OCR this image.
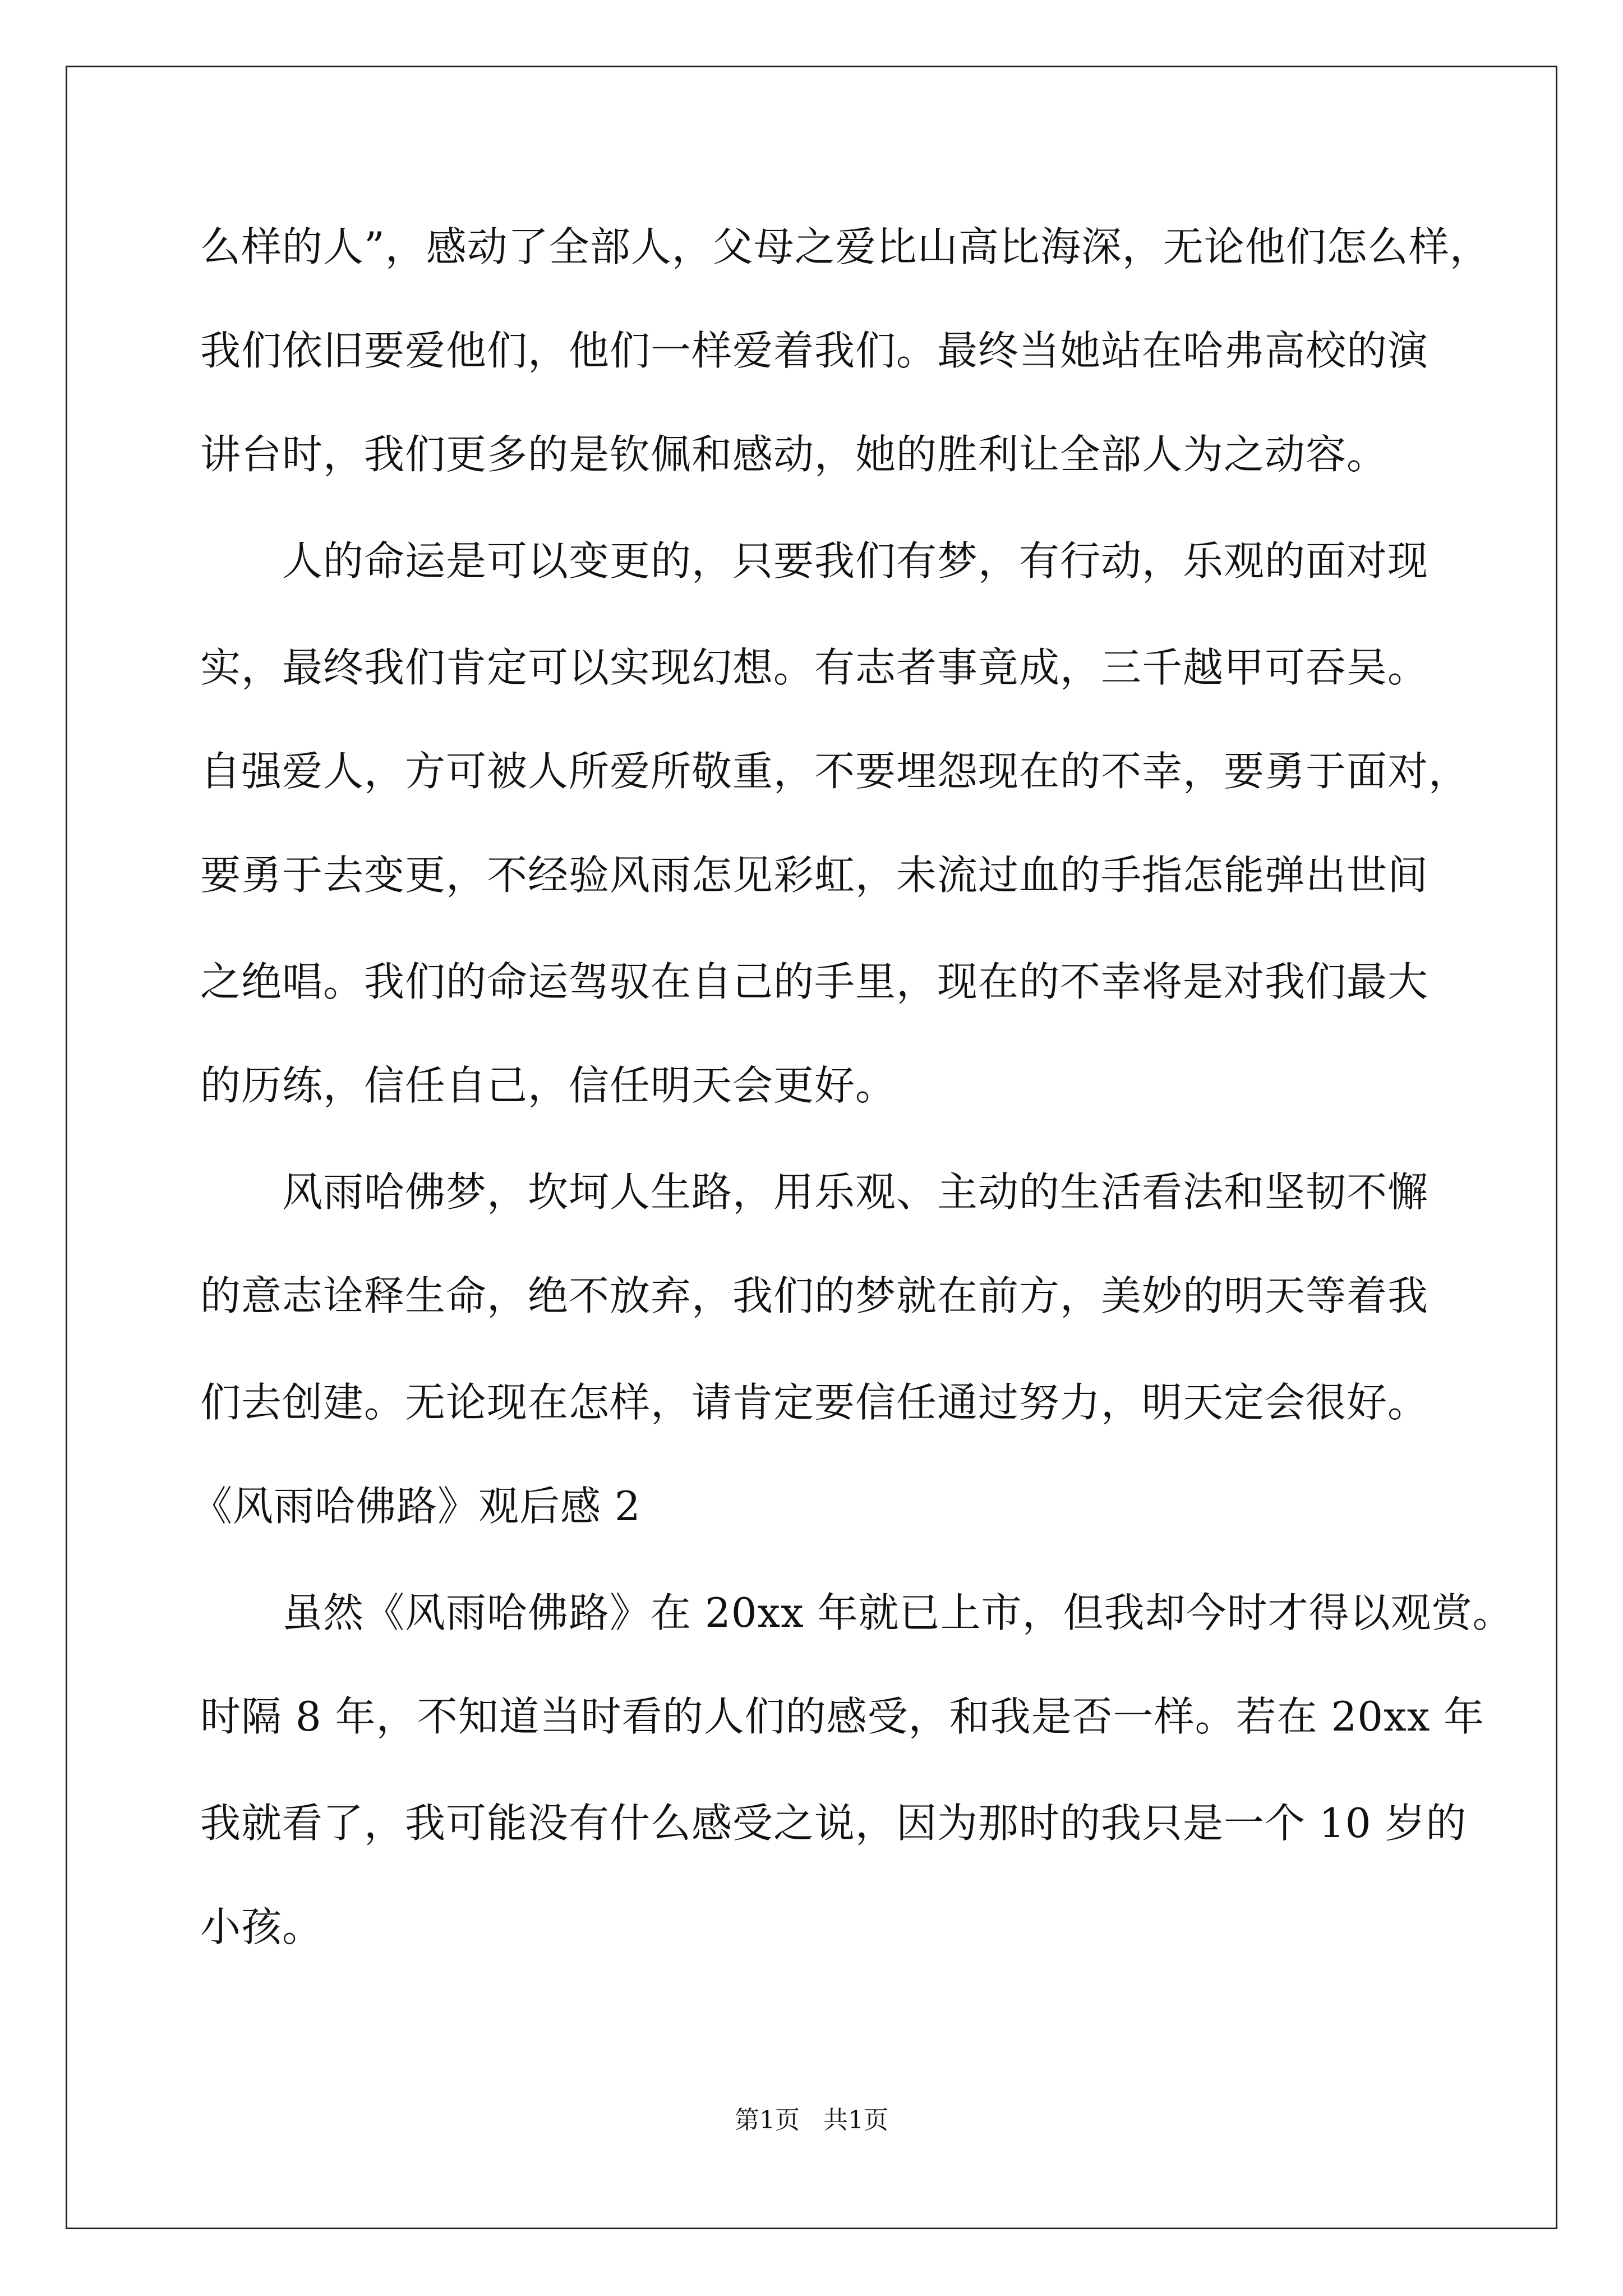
么样的人”，感动了全部人，父母之爱比山高比海深，无论他们怎么样，
我们依旧要爱他们，他们一样爱着我们。最终当她站在哈弗高校的演
讲台时，我们更多的是钦佩和感动，她的胜利让全部人为之动容。
　　人的命运是可以变更的，只要我们有梦，有行动，乐观的面对现
实，最终我们肯定可以实现幻想。有志者事竟成，三千越甲可吞吴。
自强爱人，方可被人所爱所敬重，不要埋怨现在的不幸，要勇于面对，
要勇于去变更，不经验风雨怎见彩虹，未流过血的手指怎能弹出世间
之绝唱。我们的命运驾驭在自己的手里，现在的不幸将是对我们最大
的历练，信任自己，信任明天会更好。
　　风雨哈佛梦，坎坷人生路，用乐观、主动的生活看法和坚韧不懈
的意志诠释生命，绝不放弃，我们的梦就在前方，美妙的明天等着我
们去创建。无论现在怎样，请肯定要信任通过努力，明天定会很好。
《风雨哈佛路》观后感 2
　　虽然《风雨哈佛路》在 20xx 年就已上市，但我却今时才得以观赏。
时隔 8 年，不知道当时看的人们的感受，和我是否一样。若在 20xx 年
我就看了，我可能没有什么感受之说，因为那时的我只是一个 10 岁的
小孩。
第1页   共1页
